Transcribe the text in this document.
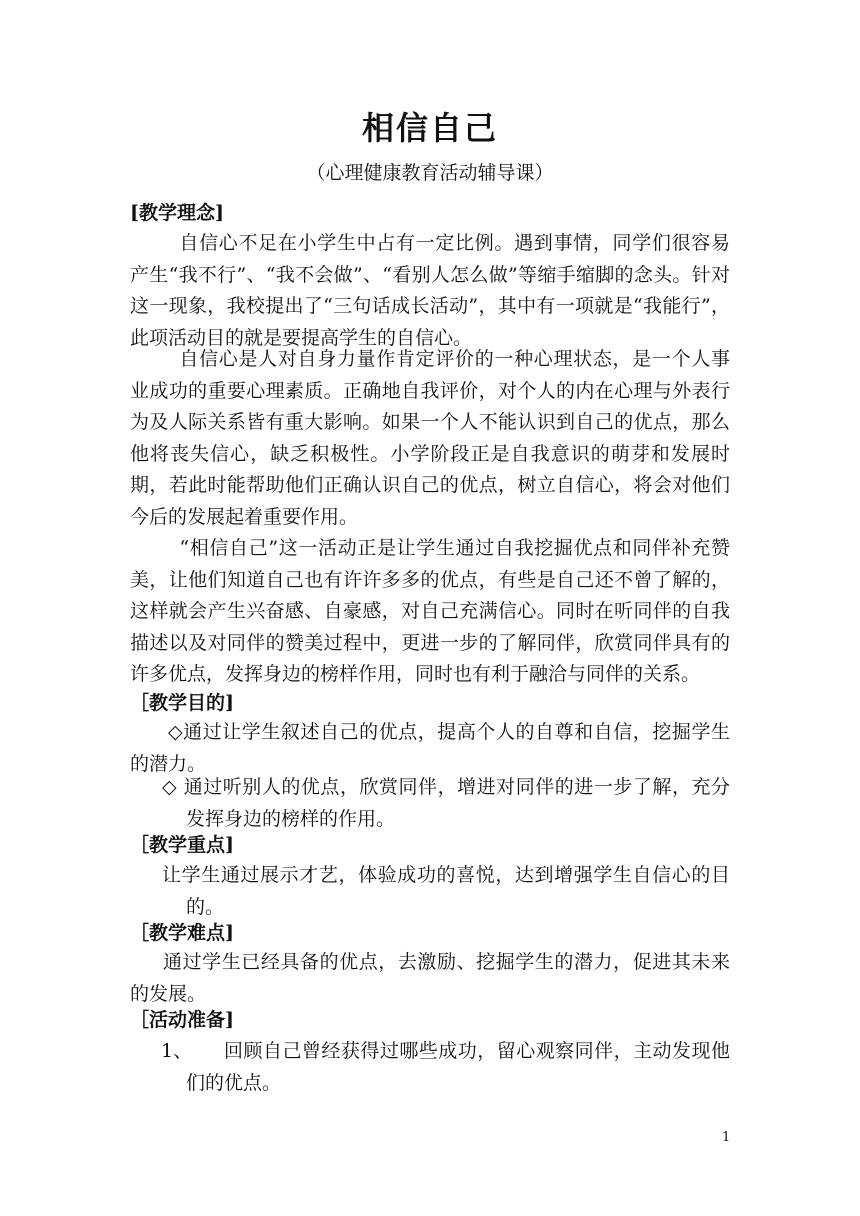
相信自己
（心理健康教育活动辅导课）
[教学理念]

自信心不足在小学生中占有一定比例。遇到事情，同学们很容易产生“我不行”、“我不会做”、“看别人怎么做”等缩手缩脚的念头。针对这一现象，我校提出了“三句话成长活动”，其中有一项就是“我能行”，此项活动目的就是要提高学生的自信心。

自信心是人对自身力量作肯定评价的一种心理状态，是一个人事业成功的重要心理素质。正确地自我评价，对个人的内在心理与外表行为及人际关系皆有重大影响。如果一个人不能认识到自己的优点，那么他将丧失信心，缺乏积极性。小学阶段正是自我意识的萌芽和发展时期，若此时能帮助他们正确认识自己的优点，树立自信心，将会对他们今后的发展起着重要作用。

“相信自己”这一活动正是让学生通过自我挖掘优点和同伴补充赞美，让他们知道自己也有许许多多的优点，有些是自己还不曾了解的，这样就会产生兴奋感、自豪感，对自己充满信心。同时在听同伴的自我描述以及对同伴的赞美过程中，更进一步的了解同伴，欣赏同伴具有的许多优点，发挥身边的榜样作用，同时也有利于融洽与同伴的关系。

［教学目的]

◇通过让学生叙述自己的优点，提高个人的自尊和自信，挖掘学生的潜力。

◇ 通过听别人的优点，欣赏同伴，增进对同伴的进一步了解，充分发挥身边的榜样的作用。

［教学重点]

让学生通过展示才艺，体验成功的喜悦，达到增强学生自信心的目的。

［教学难点]

通过学生已经具备的优点，去激励、挖掘学生的潜力，促进其未来的发展。

［活动准备]
1、	回顾自己曾经获得过哪些成功，留心观察同伴，主动发现他们的优点。

1
